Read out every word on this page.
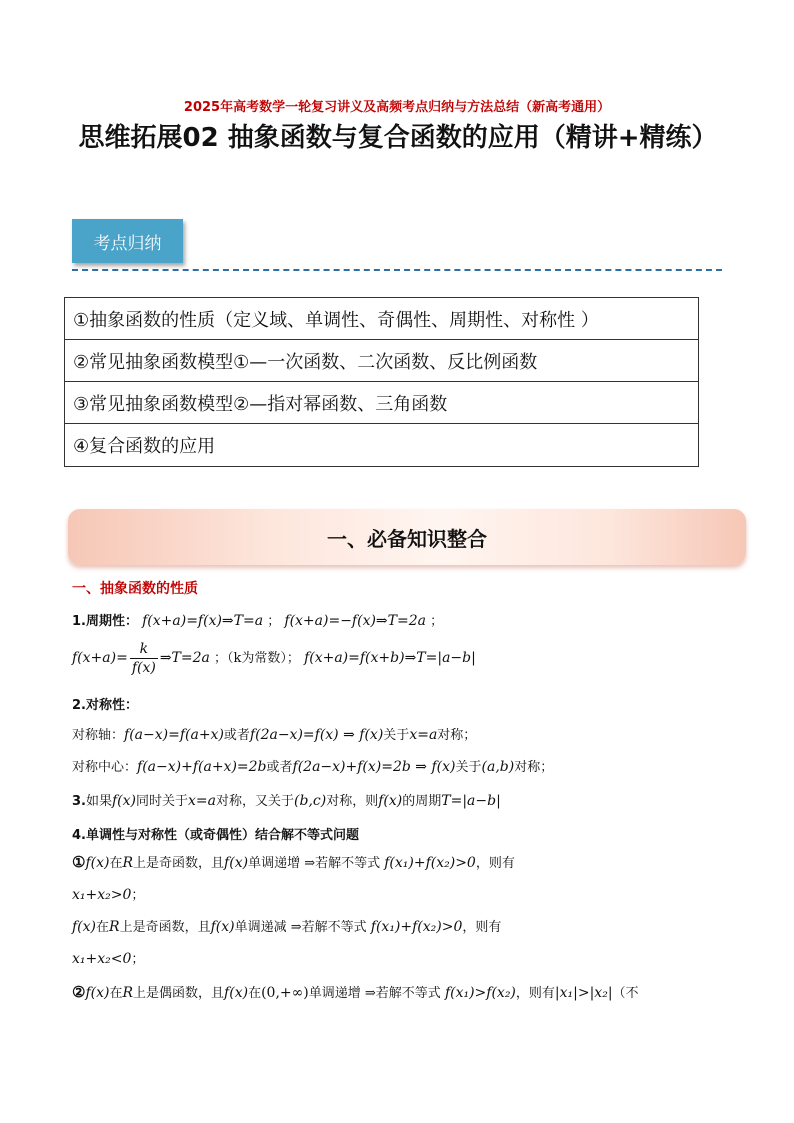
2025年高考数学一轮复习讲义及高频考点归纳与方法总结（新高考通用）
思维拓展02 抽象函数与复合函数的应用（精讲+精练）
考点归纳
①抽象函数的性质（定义域、单调性、奇偶性、周期性、对称性 ）
②常见抽象函数模型①—一次函数、二次函数、反比例函数
③常见抽象函数模型②—指对幂函数、三角函数
④复合函数的应用
一、必备知识整合
一、抽象函数的性质
1.周期性： f(x+a)=f(x)⇒T=a ； f(x+a)=−f(x)⇒T=2a ；
$f(x+a)= \frac{k}{f(x)}$ ⇒T=2a ；（k为常数）； f(x+a)=f(x+b)⇒T=|a−b|
2.对称性：
对称轴：f(a−x)=f(a+x)或者f(2a−x)=f(x) ⇒ f(x)关于x=a对称；
对称中心：f(a−x)+f(a+x)=2b或者f(2a−x)+f(x)=2b ⇒ f(x)关于(a,b)对称；
3.如果f(x)同时关于x=a对称，又关于(b,c)对称，则f(x)的周期T=|a−b|
4.单调性与对称性（或奇偶性）结合解不等式问题
①f(x)在R上是奇函数，且f(x)单调递增 ⇒若解不等式 f(x₁)+f(x₂)>0，则有
x₁+x₂>0；
f(x)在R上是奇函数，且f(x)单调递减 ⇒若解不等式 f(x₁)+f(x₂)>0，则有
x₁+x₂<0；
②f(x)在R上是偶函数，且f(x)在(0,+∞)单调递增 ⇒若解不等式 f(x₁)>f(x₂)，则有|x₁|>|x₂|（不
